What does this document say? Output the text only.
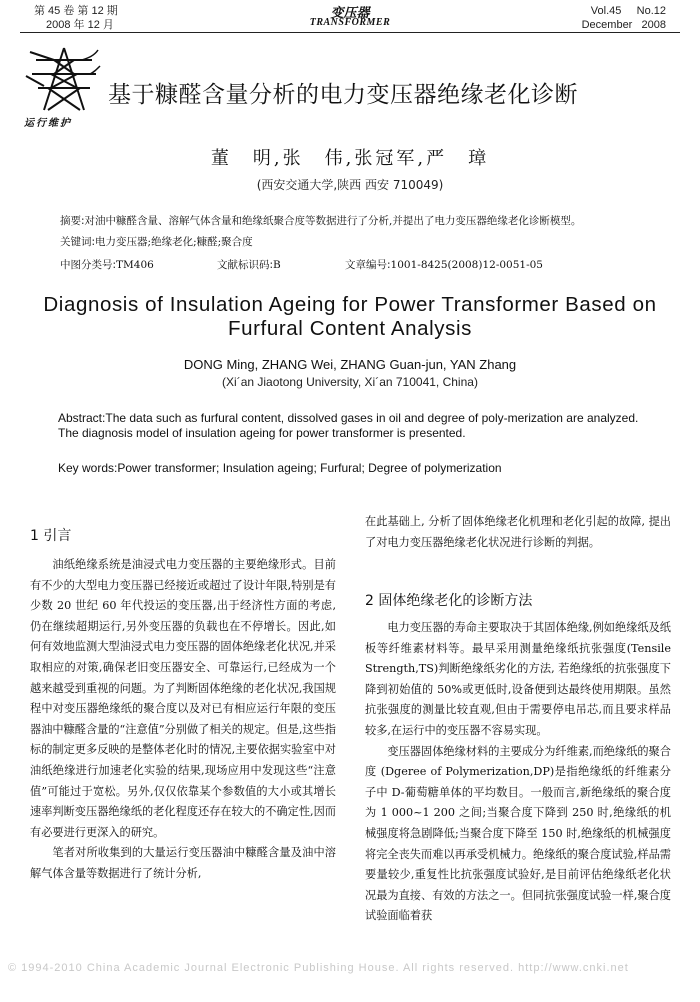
第 45 卷 第 12 期
2008 年 12 月
变压器
TRANSFORMER
Vol.45     No.12
December   2008
运行维护
基于糠醛含量分析的电力变压器绝缘老化诊断
董　明,张　伟,张冠军,严　璋
(西安交通大学,陕西 西安 710049)
摘要:对油中糠醛含量、溶解气体含量和绝缘纸聚合度等数据进行了分析,并提出了电力变压器绝缘老化诊断模型。
关键词:电力变压器;绝缘老化;糠醛;聚合度
中图分类号:TM406	文献标识码:B	文章编号:1001-8425(2008)12-0051-05
Diagnosis of Insulation Ageing for Power Transformer Based on Furfural Content Analysis
DONG Ming, ZHANG Wei, ZHANG Guan-jun, YAN Zhang
(Xi´an Jiaotong University, Xi´an 710041, China)
Abstract:The data such as furfural content, dissolved gases in oil and degree of poly-merization are analyzed. The diagnosis model of insulation ageing for power transformer is presented.
Key words:Power transformer; Insulation ageing; Furfural; Degree of polymerization
1 引言

油纸绝缘系统是油浸式电力变压器的主要绝缘形式。目前有不少的大型电力变压器已经接近或超过了设计年限,特别是有少数 20 世纪 60 年代投运的变压器,出于经济性方面的考虑,仍在继续超期运行,另外变压器的负载也在不停增长。因此,如何有效地监测大型油浸式电力变压器的固体绝缘老化状况,并采取相应的对策,确保老旧变压器安全、可靠运行,已经成为一个越来越受到重视的问题。为了判断固体绝缘的老化状况,我国规程中对变压器绝缘纸的聚合度以及对已有相应运行年限的变压器油中糠醛含量的“注意值”分别做了相关的规定。但是,这些指标的制定更多反映的是整体老化时的情况,主要依据实验室中对油纸绝缘进行加速老化实验的结果,现场应用中发现这些“注意值”可能过于宽松。另外,仅仅依靠某个参数值的大小或其增长速率判断变压器绝缘纸的老化程度还存在较大的不确定性,因而有必要进行更深入的研究。

笔者对所收集到的大量运行变压器油中糠醛含量及油中溶解气体含量等数据进行了统计分析,

在此基础上, 分析了固体绝缘老化机理和老化引起的故障, 提出了对电力变压器绝缘老化状况进行诊断的判据。

2 固体绝缘老化的诊断方法

电力变压器的寿命主要取决于其固体绝缘,例如绝缘纸及纸板等纤维素材料等。最早采用测量绝缘纸抗张强度(Tensile Strength,TS)判断绝缘纸劣化的方法, 若绝缘纸的抗张强度下降到初始值的 50%或更低时,设备便到达最终使用期限。虽然抗张强度的测量比较直观,但由于需要停电吊芯,而且要求样品较多,在运行中的变压器不容易实现。

变压器固体绝缘材料的主要成分为纤维素,而绝缘纸的聚合度 (Dgeree of Polymerization,DP)是指绝缘纸的纤维素分子中 D-葡萄糖单体的平均数目。一般而言,新绝缘纸的聚合度为 1 000~1 200 之间;当聚合度下降到 250 时,绝缘纸的机械强度将急剧降低;当聚合度下降至 150 时,绝缘纸的机械强度将完全丧失而难以再承受机械力。绝缘纸的聚合度试验,样品需要量较少,重复性比抗张强度试验好,是目前评估绝缘纸老化状况最为直接、有效的方法之一。但同抗张强度试验一样,聚合度试验面临着获

© 1994-2010 China Academic Journal Electronic Publishing House. All rights reserved. http://www.cnki.net
